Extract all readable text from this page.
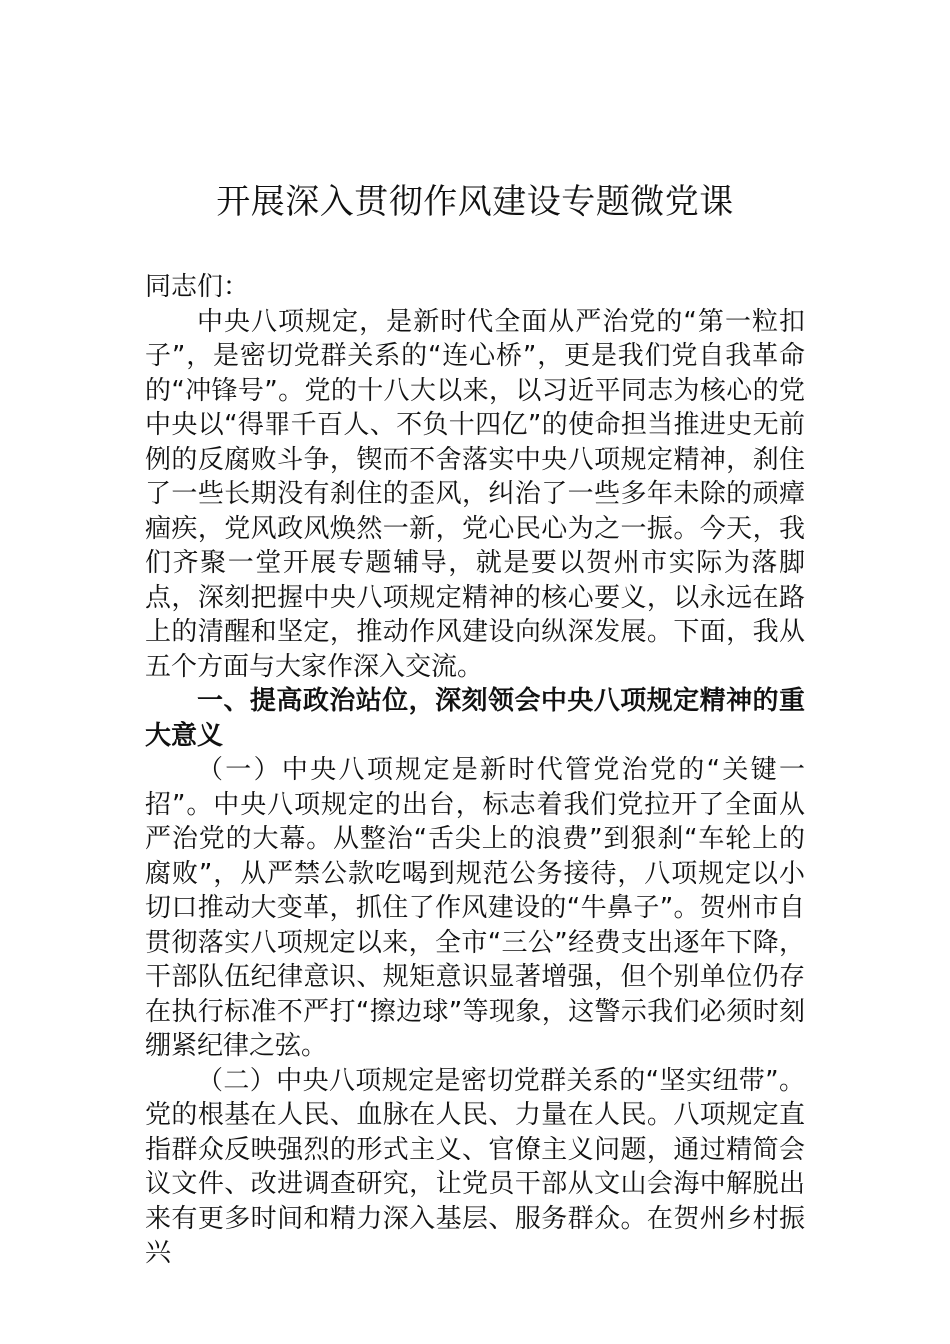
开展深入贯彻作风建设专题微党课

同志们：

中央八项规定，是新时代全面从严治党的“第一粒扣子”，是密切党群关系的“连心桥”，更是我们党自我革命的“冲锋号”。党的十八大以来，以习近平同志为核心的党中央以“得罪千百人、不负十四亿”的使命担当推进史无前例的反腐败斗争，锲而不舍落实中央八项规定精神，刹住了一些长期没有刹住的歪风，纠治了一些多年未除的顽瘴痼疾，党风政风焕然一新，党心民心为之一振。今天，我们齐聚一堂开展专题辅导，就是要以贺州市实际为落脚点，深刻把握中央八项规定精神的核心要义，以永远在路上的清醒和坚定，推动作风建设向纵深发展。下面，我从五个方面与大家作深入交流。

一、提高政治站位，深刻领会中央八项规定精神的重大意义

（一）中央八项规定是新时代管党治党的“关键一招”。中央八项规定的出台，标志着我们党拉开了全面从严治党的大幕。从整治“舌尖上的浪费”到狠刹“车轮上的腐败”，从严禁公款吃喝到规范公务接待，八项规定以小切口推动大变革，抓住了作风建设的“牛鼻子”。贺州市自贯彻落实八项规定以来，全市“三公”经费支出逐年下降，干部队伍纪律意识、规矩意识显著增强，但个别单位仍存在执行标准不严打“擦边球”等现象，这警示我们必须时刻绷紧纪律之弦。

（二）中央八项规定是密切党群关系的“坚实纽带”。党的根基在人民、血脉在人民、力量在人民。八项规定直指群众反映强烈的形式主义、官僚主义问题，通过精简会议文件、改进调查研究，让党员干部从文山会海中解脱出来有更多时间和精力深入基层、服务群众。在贺州乡村振兴
